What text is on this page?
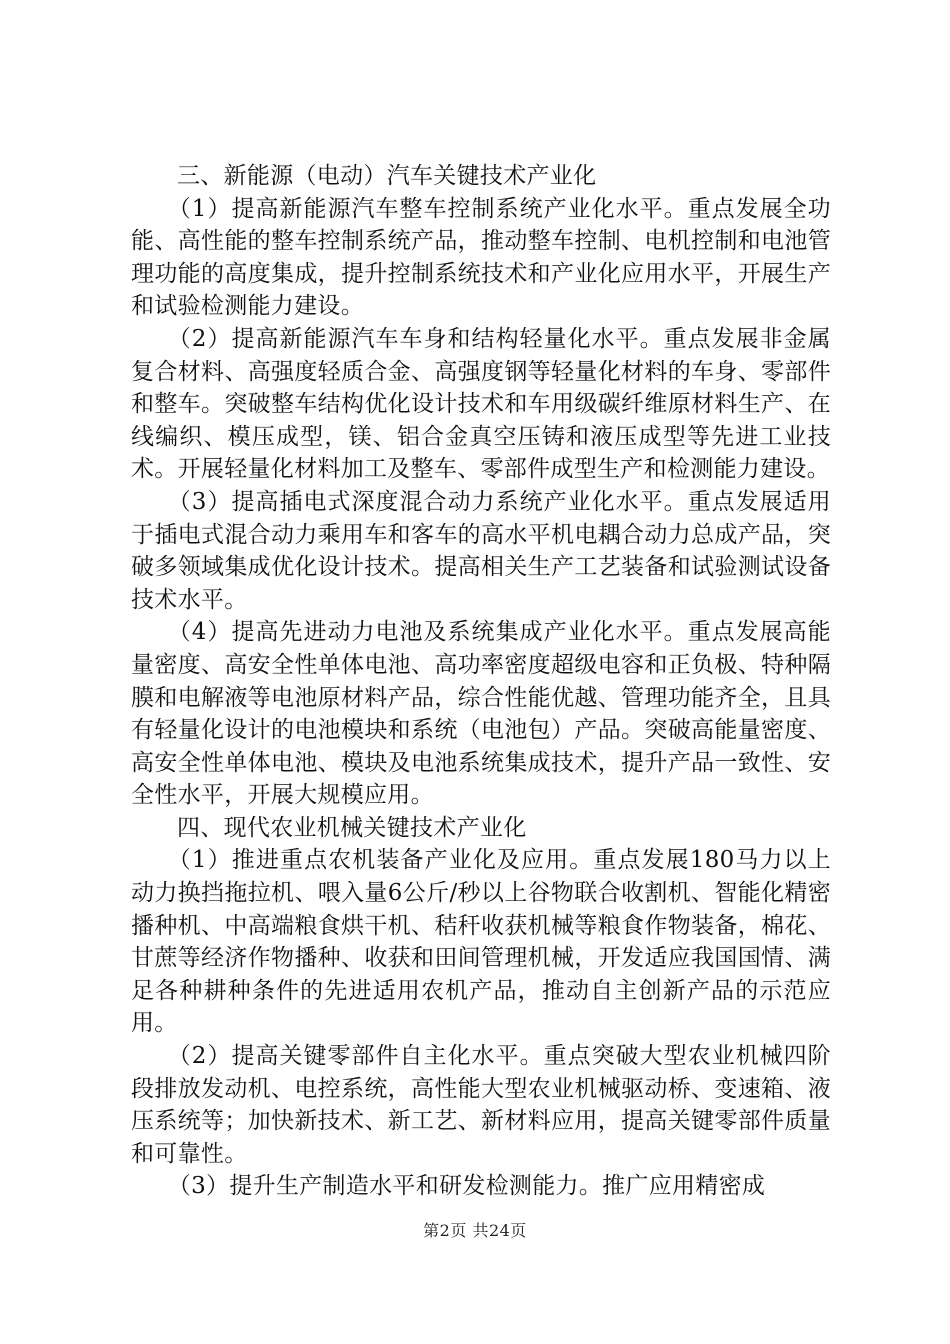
三、新能源（电动）汽车关键技术产业化

（1）提高新能源汽车整车控制系统产业化水平。重点发展全功能、高性能的整车控制系统产品，推动整车控制、电机控制和电池管理功能的高度集成，提升控制系统技术和产业化应用水平，开展生产和试验检测能力建设。

（2）提高新能源汽车车身和结构轻量化水平。重点发展非金属复合材料、高强度轻质合金、高强度钢等轻量化材料的车身、零部件和整车。突破整车结构优化设计技术和车用级碳纤维原材料生产、在线编织、模压成型，镁、铝合金真空压铸和液压成型等先进工业技术。开展轻量化材料加工及整车、零部件成型生产和检测能力建设。

（3）提高插电式深度混合动力系统产业化水平。重点发展适用于插电式混合动力乘用车和客车的高水平机电耦合动力总成产品，突破多领域集成优化设计技术。提高相关生产工艺装备和试验测试设备技术水平。

（4）提高先进动力电池及系统集成产业化水平。重点发展高能量密度、高安全性单体电池、高功率密度超级电容和正负极、特种隔膜和电解液等电池原材料产品，综合性能优越、管理功能齐全，且具有轻量化设计的电池模块和系统（电池包）产品。突破高能量密度、高安全性单体电池、模块及电池系统集成技术，提升产品一致性、安全性水平，开展大规模应用。

四、现代农业机械关键技术产业化

（1）推进重点农机装备产业化及应用。重点发展180马力以上动力换挡拖拉机、喂入量6公斤/秒以上谷物联合收割机、智能化精密播种机、中高端粮食烘干机、秸秆收获机械等粮食作物装备，棉花、甘蔗等经济作物播种、收获和田间管理机械，开发适应我国国情、满足各种耕种条件的先进适用农机产品，推动自主创新产品的示范应用。

（2）提高关键零部件自主化水平。重点突破大型农业机械四阶段排放发动机、电控系统，高性能大型农业机械驱动桥、变速箱、液压系统等；加快新技术、新工艺、新材料应用，提高关键零部件质量和可靠性。

（3）提升生产制造水平和研发检测能力。推广应用精密成

第2页 共24页
